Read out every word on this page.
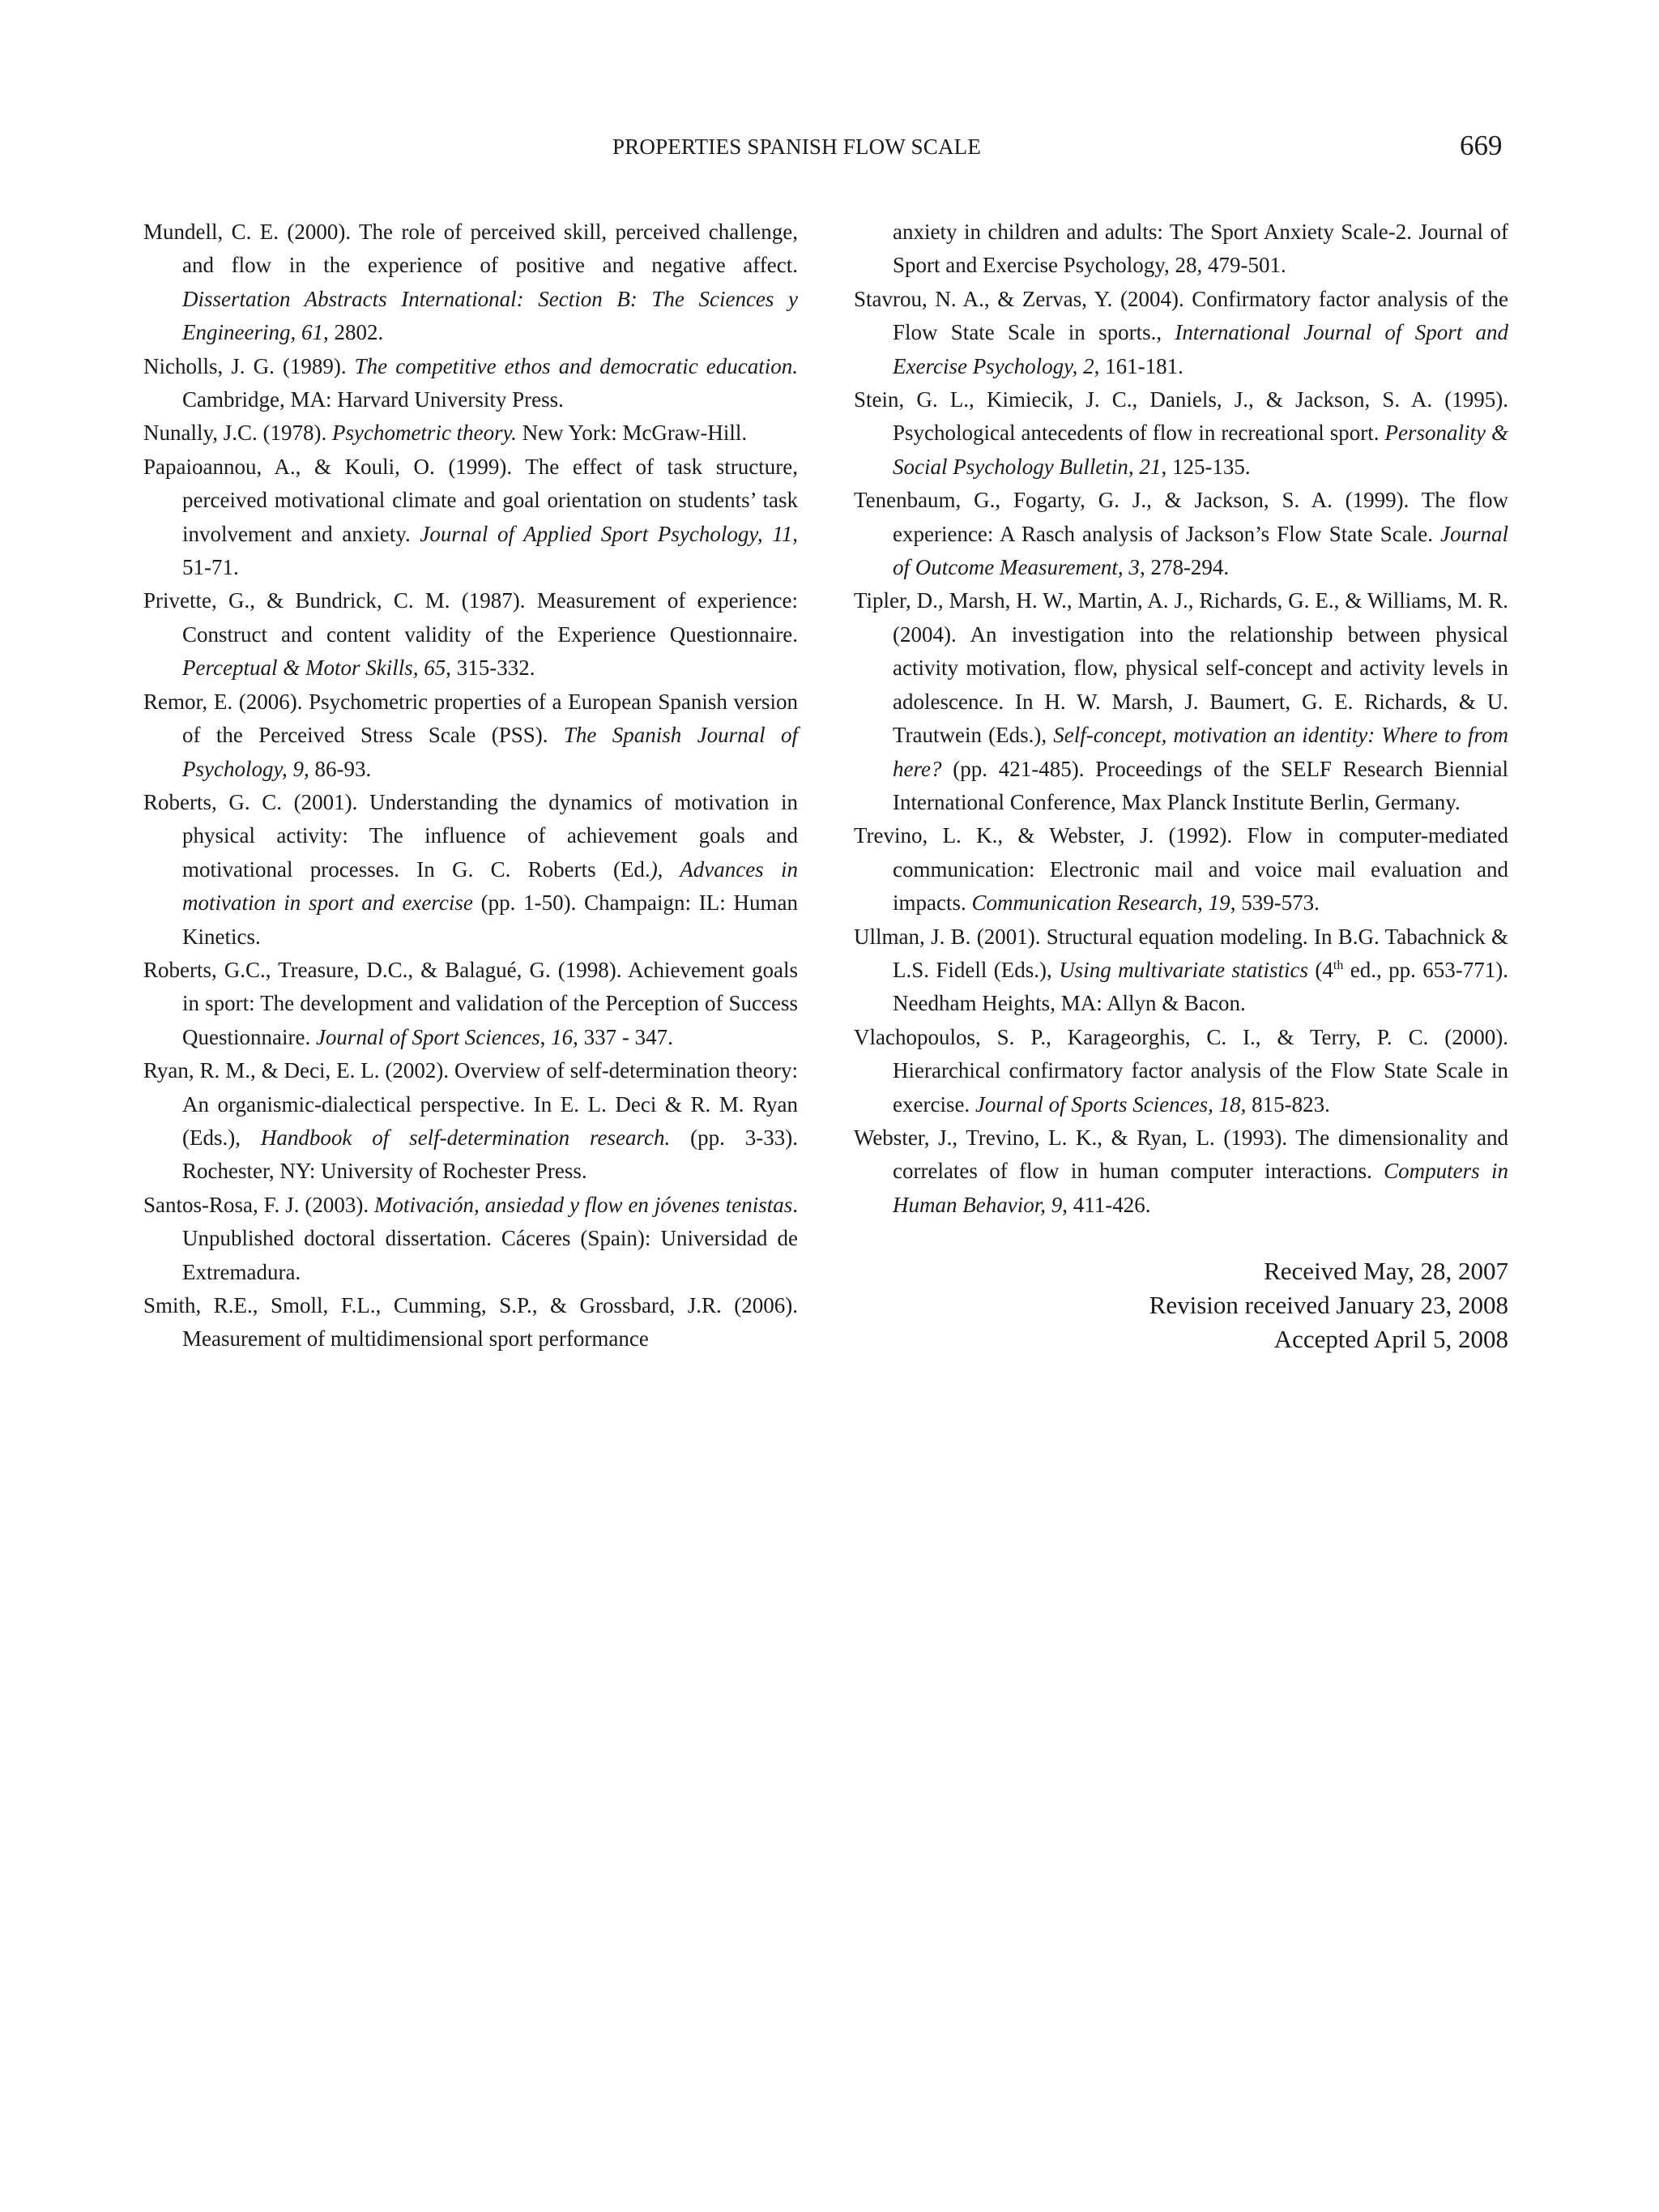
PROPERTIES SPANISH FLOW SCALE	669

Mundell, C. E. (2000). The role of perceived skill, perceived challenge, and flow in the experience of positive and negative affect. Dissertation Abstracts International: Section B: The Sciences y Engineering, 61, 2802.

Nicholls, J. G. (1989). The competitive ethos and democratic education. Cambridge, MA: Harvard University Press.

Nunally, J.C. (1978). Psychometric theory. New York: McGraw-Hill.

Papaioannou, A., & Kouli, O. (1999). The effect of task structure, perceived motivational climate and goal orientation on students’ task involvement and anxiety. Journal of Applied Sport Psychology, 11, 51-71.

Privette, G., & Bundrick, C. M. (1987). Measurement of experience: Construct and content validity of the Experience Questionnaire. Perceptual & Motor Skills, 65, 315-332.

Remor, E. (2006). Psychometric properties of a European Spanish version of the Perceived Stress Scale (PSS). The Spanish Journal of Psychology, 9, 86-93.

Roberts, G. C. (2001). Understanding the dynamics of motivation in physical activity: The influence of achievement goals and motivational processes. In G. C. Roberts (Ed.), Advances in motivation in sport and exercise (pp. 1-50). Champaign: IL: Human Kinetics.

Roberts, G.C., Treasure, D.C., & Balagué, G. (1998). Achievement goals in sport: The development and validation of the Perception of Success Questionnaire. Journal of Sport Sciences, 16, 337 - 347.

Ryan, R. M., & Deci, E. L. (2002). Overview of self-determination theory: An organismic-dialectical perspective. In E. L. Deci & R. M. Ryan (Eds.), Handbook of self-determination research. (pp. 3-33). Rochester, NY: University of Rochester Press.

Santos-Rosa, F. J. (2003). Motivación, ansiedad y flow en jóvenes tenistas. Unpublished doctoral dissertation. Cáceres (Spain): Universidad de Extremadura.

Smith, R.E., Smoll, F.L., Cumming, S.P., & Grossbard, J.R. (2006). Measurement of multidimensional sport performance

anxiety in children and adults: The Sport Anxiety Scale-2. Journal of Sport and Exercise Psychology, 28, 479-501.

Stavrou, N. A., & Zervas, Y. (2004). Confirmatory factor analysis of the Flow State Scale in sports., International Journal of Sport and Exercise Psychology, 2, 161-181.

Stein, G. L., Kimiecik, J. C., Daniels, J., & Jackson, S. A. (1995). Psychological antecedents of flow in recreational sport. Personality & Social Psychology Bulletin, 21, 125-135.

Tenenbaum, G., Fogarty, G. J., & Jackson, S. A. (1999). The flow experience: A Rasch analysis of Jackson’s Flow State Scale. Journal of Outcome Measurement, 3, 278-294.

Tipler, D., Marsh, H. W., Martin, A. J., Richards, G. E., & Williams, M. R. (2004). An investigation into the relationship between physical activity motivation, flow, physical self-concept and activity levels in adolescence. In H. W. Marsh, J. Baumert, G. E. Richards, & U. Trautwein (Eds.), Self-concept, motivation an identity: Where to from here? (pp. 421-485). Proceedings of the SELF Research Biennial International Conference, Max Planck Institute Berlin, Germany.

Trevino, L. K., & Webster, J. (1992). Flow in computer-mediated communication: Electronic mail and voice mail evaluation and impacts. Communication Research, 19, 539-573.

Ullman, J. B. (2001). Structural equation modeling. In B.G. Tabachnick & L.S. Fidell (Eds.), Using multivariate statistics (4th ed., pp. 653-771). Needham Heights, MA: Allyn & Bacon.

Vlachopoulos, S. P., Karageorghis, C. I., & Terry, P. C. (2000). Hierarchical confirmatory factor analysis of the Flow State Scale in exercise. Journal of Sports Sciences, 18, 815-823.

Webster, J., Trevino, L. K., & Ryan, L. (1993). The dimensionality and correlates of flow in human computer interactions. Computers in Human Behavior, 9, 411-426.

Received May, 28, 2007
Revision received January 23, 2008
Accepted April 5, 2008
